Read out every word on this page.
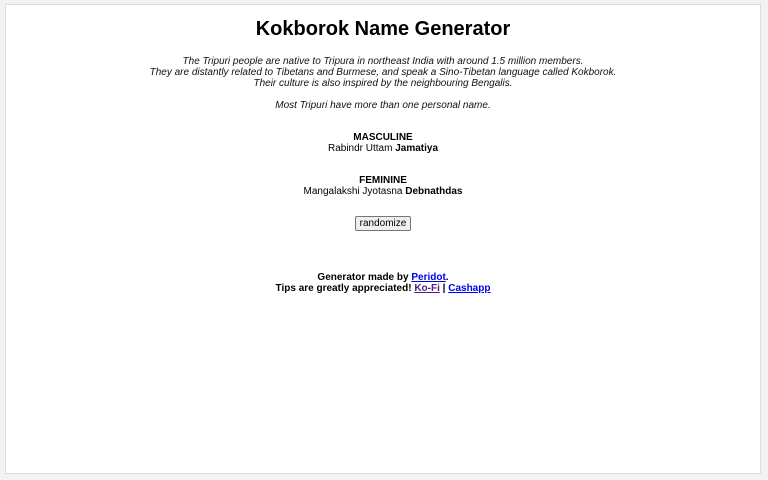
Kokborok Name Generator

The Tripuri people are native to Tripura in northeast India with around 1.5 million members.

They are distantly related to Tibetans and Burmese, and speak a Sino-Tibetan language called Kokborok.

Their culture is also inspired by the neighbouring Bengalis.

Most Tripuri have more than one personal name.

MASCULINE
Rabindr Uttam Jamatiya
FEMININE
Mangalakshi Jyotasna Debnathdas
randomize

Generator made by Peridot.

Tips are greatly appreciated! Ko-Fi | Cashapp
